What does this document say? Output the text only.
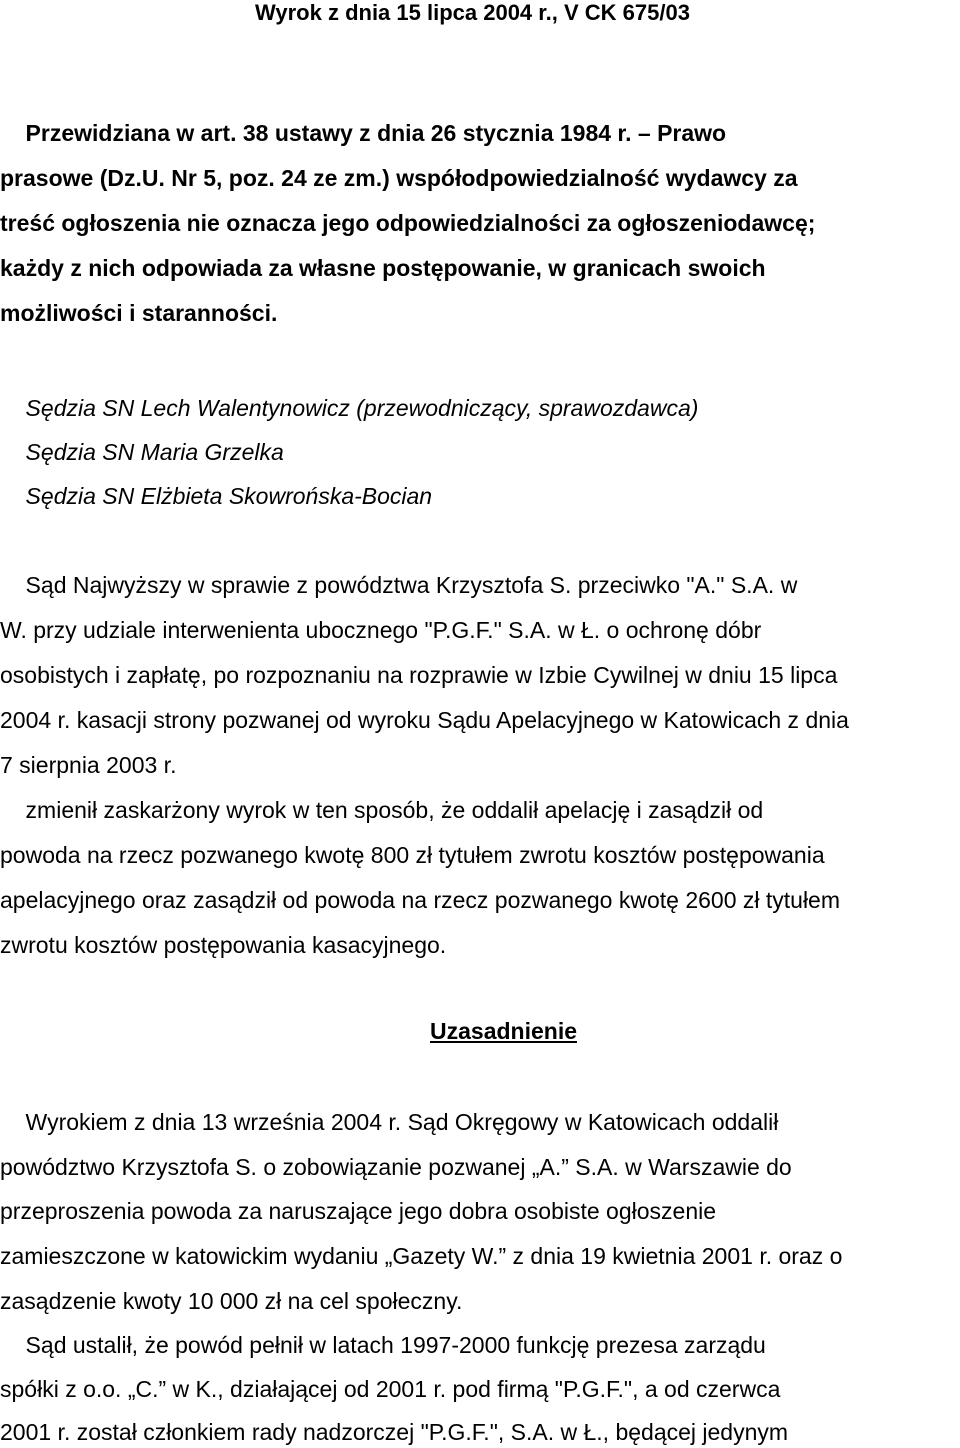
Wyrok z dnia 15 lipca 2004 r., V CK 675/03
Przewidziana w art. 38 ustawy z dnia 26 stycznia 1984 r. – Prawo
prasowe (Dz.U. Nr 5, poz. 24 ze zm.) współodpowiedzialność wydawcy za
treść ogłoszenia nie oznacza jego odpowiedzialności za ogłoszeniodawcę;
każdy z nich odpowiada za własne postępowanie, w granicach swoich
możliwości i staranności.
Sędzia SN Lech Walentynowicz (przewodniczący, sprawozdawca)
Sędzia SN Maria Grzelka
Sędzia SN Elżbieta Skowrońska-Bocian
Sąd Najwyższy w sprawie z powództwa Krzysztofa S. przeciwko "A." S.A. w
W. przy udziale interwenienta ubocznego "P.G.F." S.A. w Ł. o ochronę dóbr
osobistych i zapłatę, po rozpoznaniu na rozprawie w Izbie Cywilnej w dniu 15 lipca
2004 r. kasacji strony pozwanej od wyroku Sądu Apelacyjnego w Katowicach z dnia
7 sierpnia 2003 r.
zmienił zaskarżony wyrok w ten sposób, że oddalił apelację i zasądził od
powoda na rzecz pozwanego kwotę 800 zł tytułem zwrotu kosztów postępowania
apelacyjnego oraz zasądził od powoda na rzecz pozwanego kwotę 2600 zł tytułem
zwrotu kosztów postępowania kasacyjnego.
Uzasadnienie
Wyrokiem z dnia 13 września 2004 r. Sąd Okręgowy w Katowicach oddalił
powództwo Krzysztofa S. o zobowiązanie pozwanej „A.” S.A. w Warszawie do
przeproszenia powoda za naruszające jego dobra osobiste ogłoszenie
zamieszczone w katowickim wydaniu „Gazety W.” z dnia 19 kwietnia 2001 r. oraz o
zasądzenie kwoty 10 000 zł na cel społeczny.
Sąd ustalił, że powód pełnił w latach 1997-2000 funkcję prezesa zarządu
spółki z o.o. „C.” w K., działającej od 2001 r. pod firmą "P.G.F.", a od czerwca
2001 r. został członkiem rady nadzorczej "P.G.F.", S.A. w Ł., będącej jedynym
